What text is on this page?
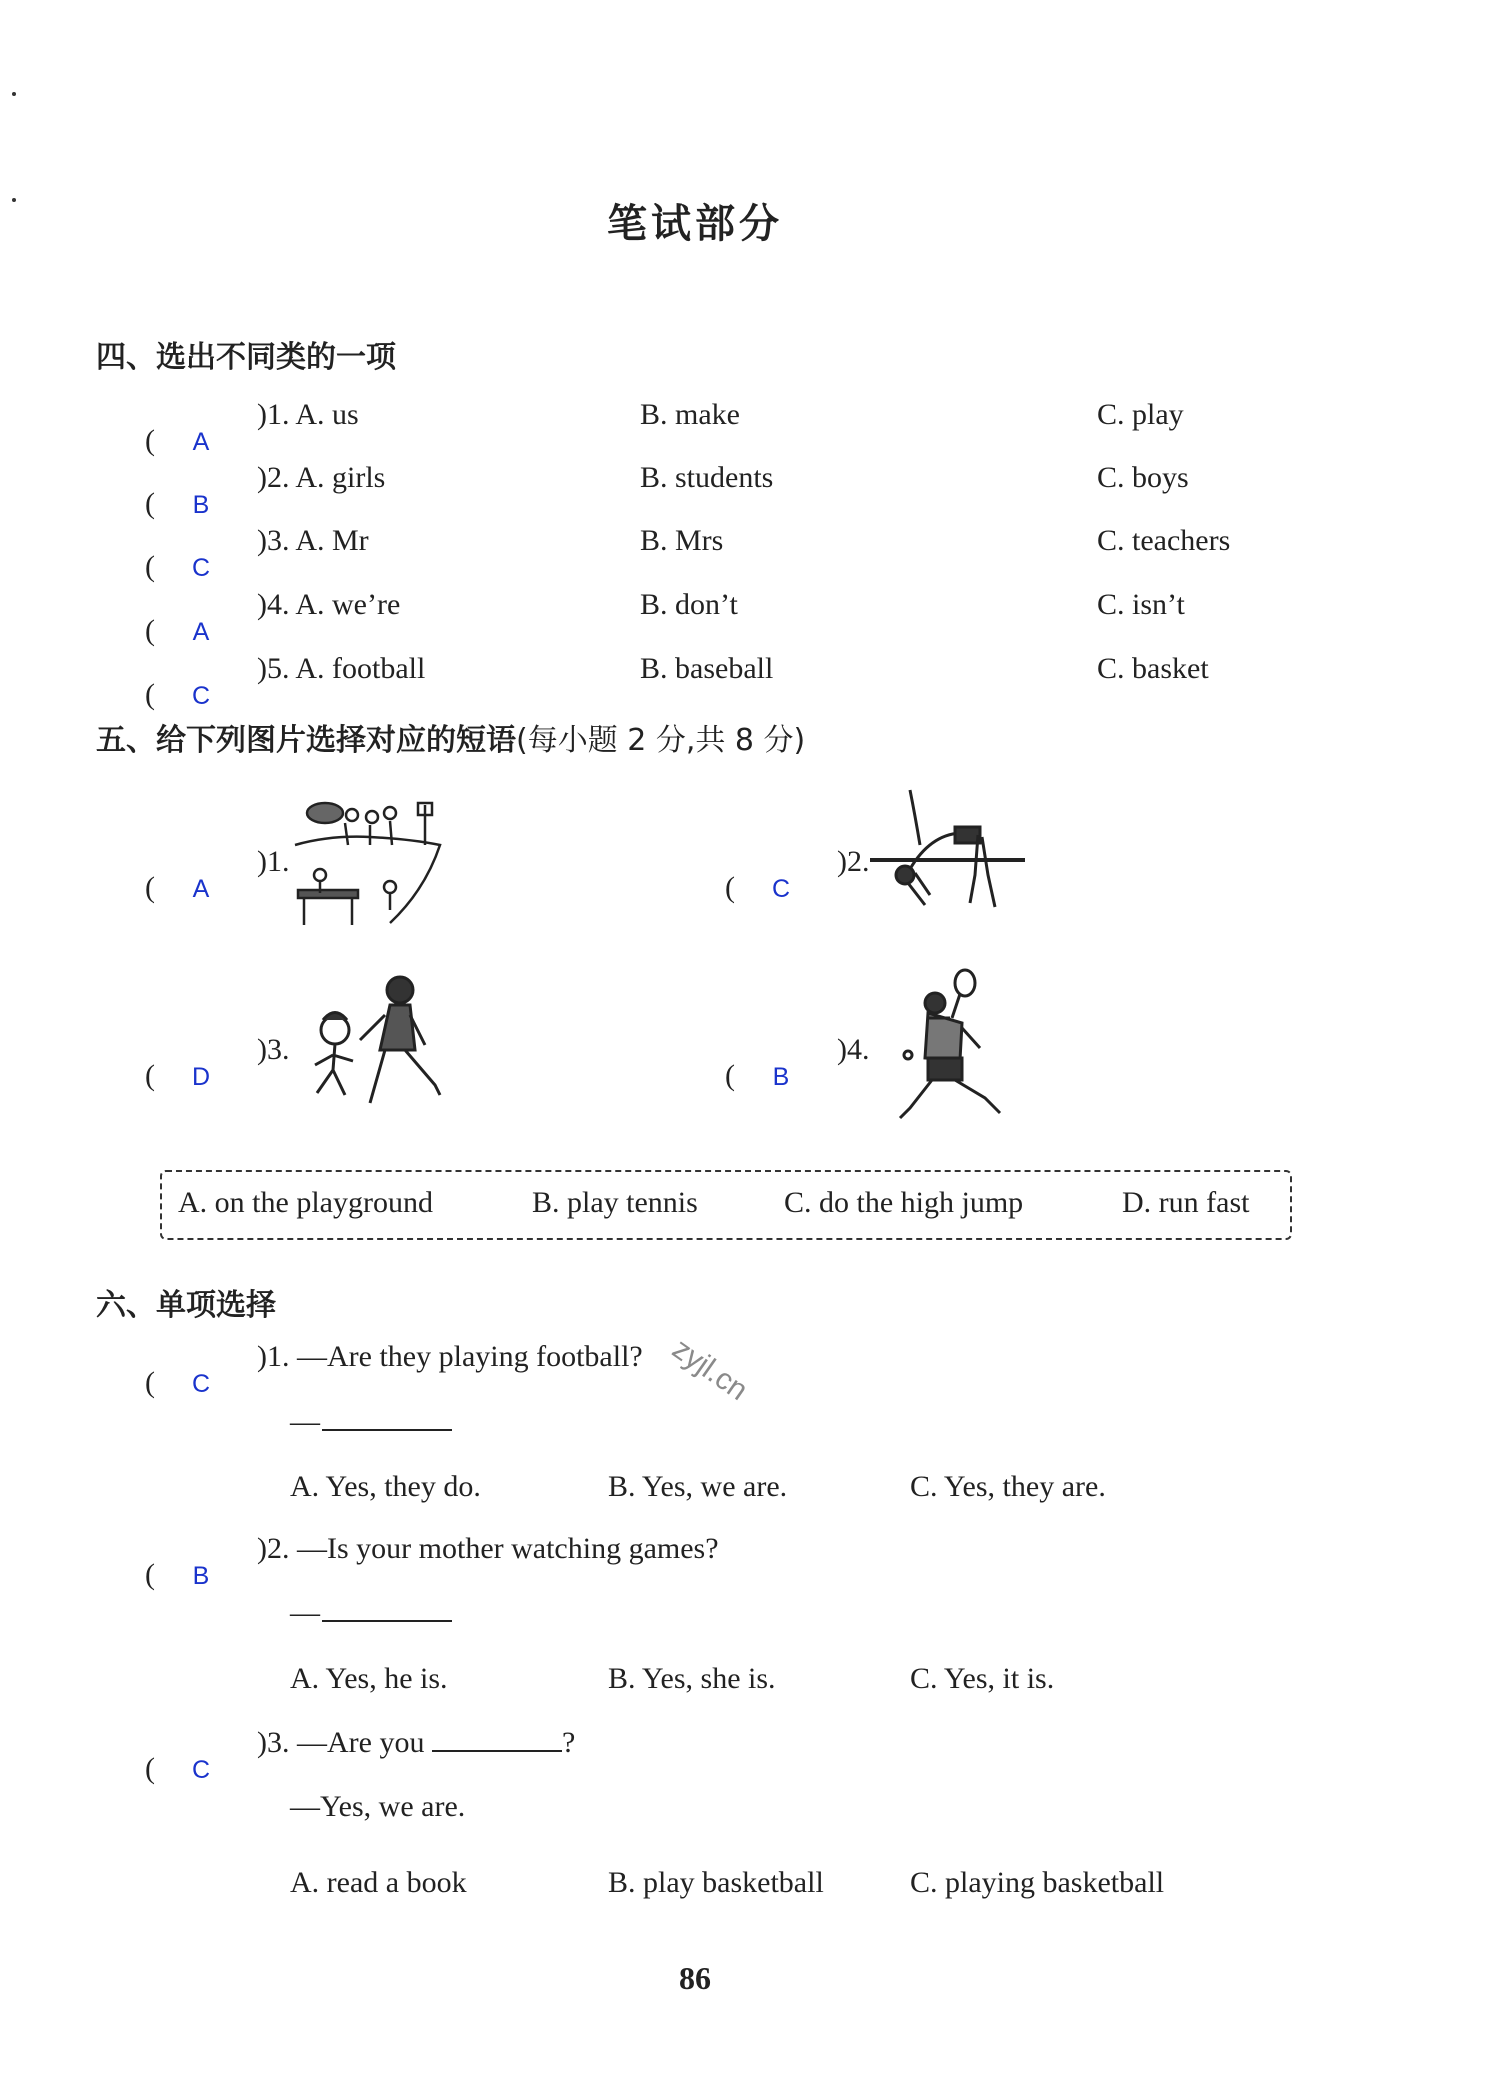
笔试部分
四、选出不同类的一项
(	A
)1. A. us	B. make	C. play
(	B
)2. A. girls	B. students	C. boys
(	C
)3. A. Mr	B. Mrs	C. teachers
(	A
)4. A. we’re	B. don’t	C. isn’t
(	C
)5. A. football	B. baseball	C. basket
五、给下列图片选择对应的短语(每小题 2 分,共 8 分)
(	A
)1.
(	C
)2.
(	D
)3.
(	B
)4.
A. on the playground	B. play tennis	C. do the high jump	D. run fast
六、单项选择
(	C
)1. —Are they playing football? zyjl.cn
—
A. Yes, they do.	B. Yes, we are.	C. Yes, they are.
(	B
)2. —Is your mother watching games?
—
A. Yes, he is.	B. Yes, she is.	C. Yes, it is.
(	C
)3. —Are you	?
—Yes, we are.
A. read a book	B. play basketball	C. playing basketball
86
